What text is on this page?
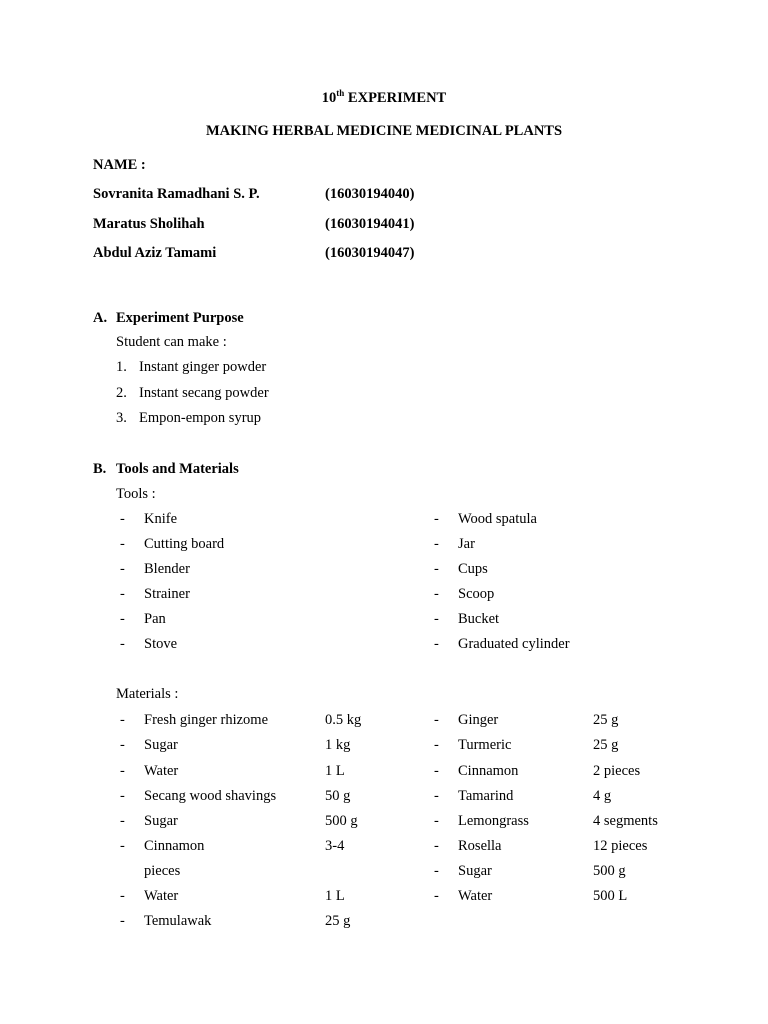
10th EXPERIMENT
MAKING HERBAL MEDICINE MEDICINAL PLANTS
NAME :
Sovranita Ramadhani S. P.	(16030194040)
Maratus Sholihah	(16030194041)
Abdul Aziz Tamami	(16030194047)
A. Experiment Purpose
Student can make :
1. Instant ginger powder
2. Instant secang powder
3. Empon-empon syrup
B. Tools and Materials
Tools :
- Knife
- Cutting board
- Blender
- Strainer
- Pan
- Stove
- Wood spatula
- Jar
- Cups
- Scoop
- Bucket
- Graduated cylinder
Materials :
- Fresh ginger rhizome	0.5 kg
- Sugar	1 kg
- Water	1 L
- Secang wood shavings	50 g
- Sugar	500 g
- Cinnamon	3-4
pieces
- Water	1 L
- Temulawak	25 g
- Ginger	25 g
- Turmeric	25 g
- Cinnamon	2 pieces
- Tamarind	4 g
- Lemongrass	4 segments
- Rosella	12 pieces
- Sugar	500 g
- Water	500 L
